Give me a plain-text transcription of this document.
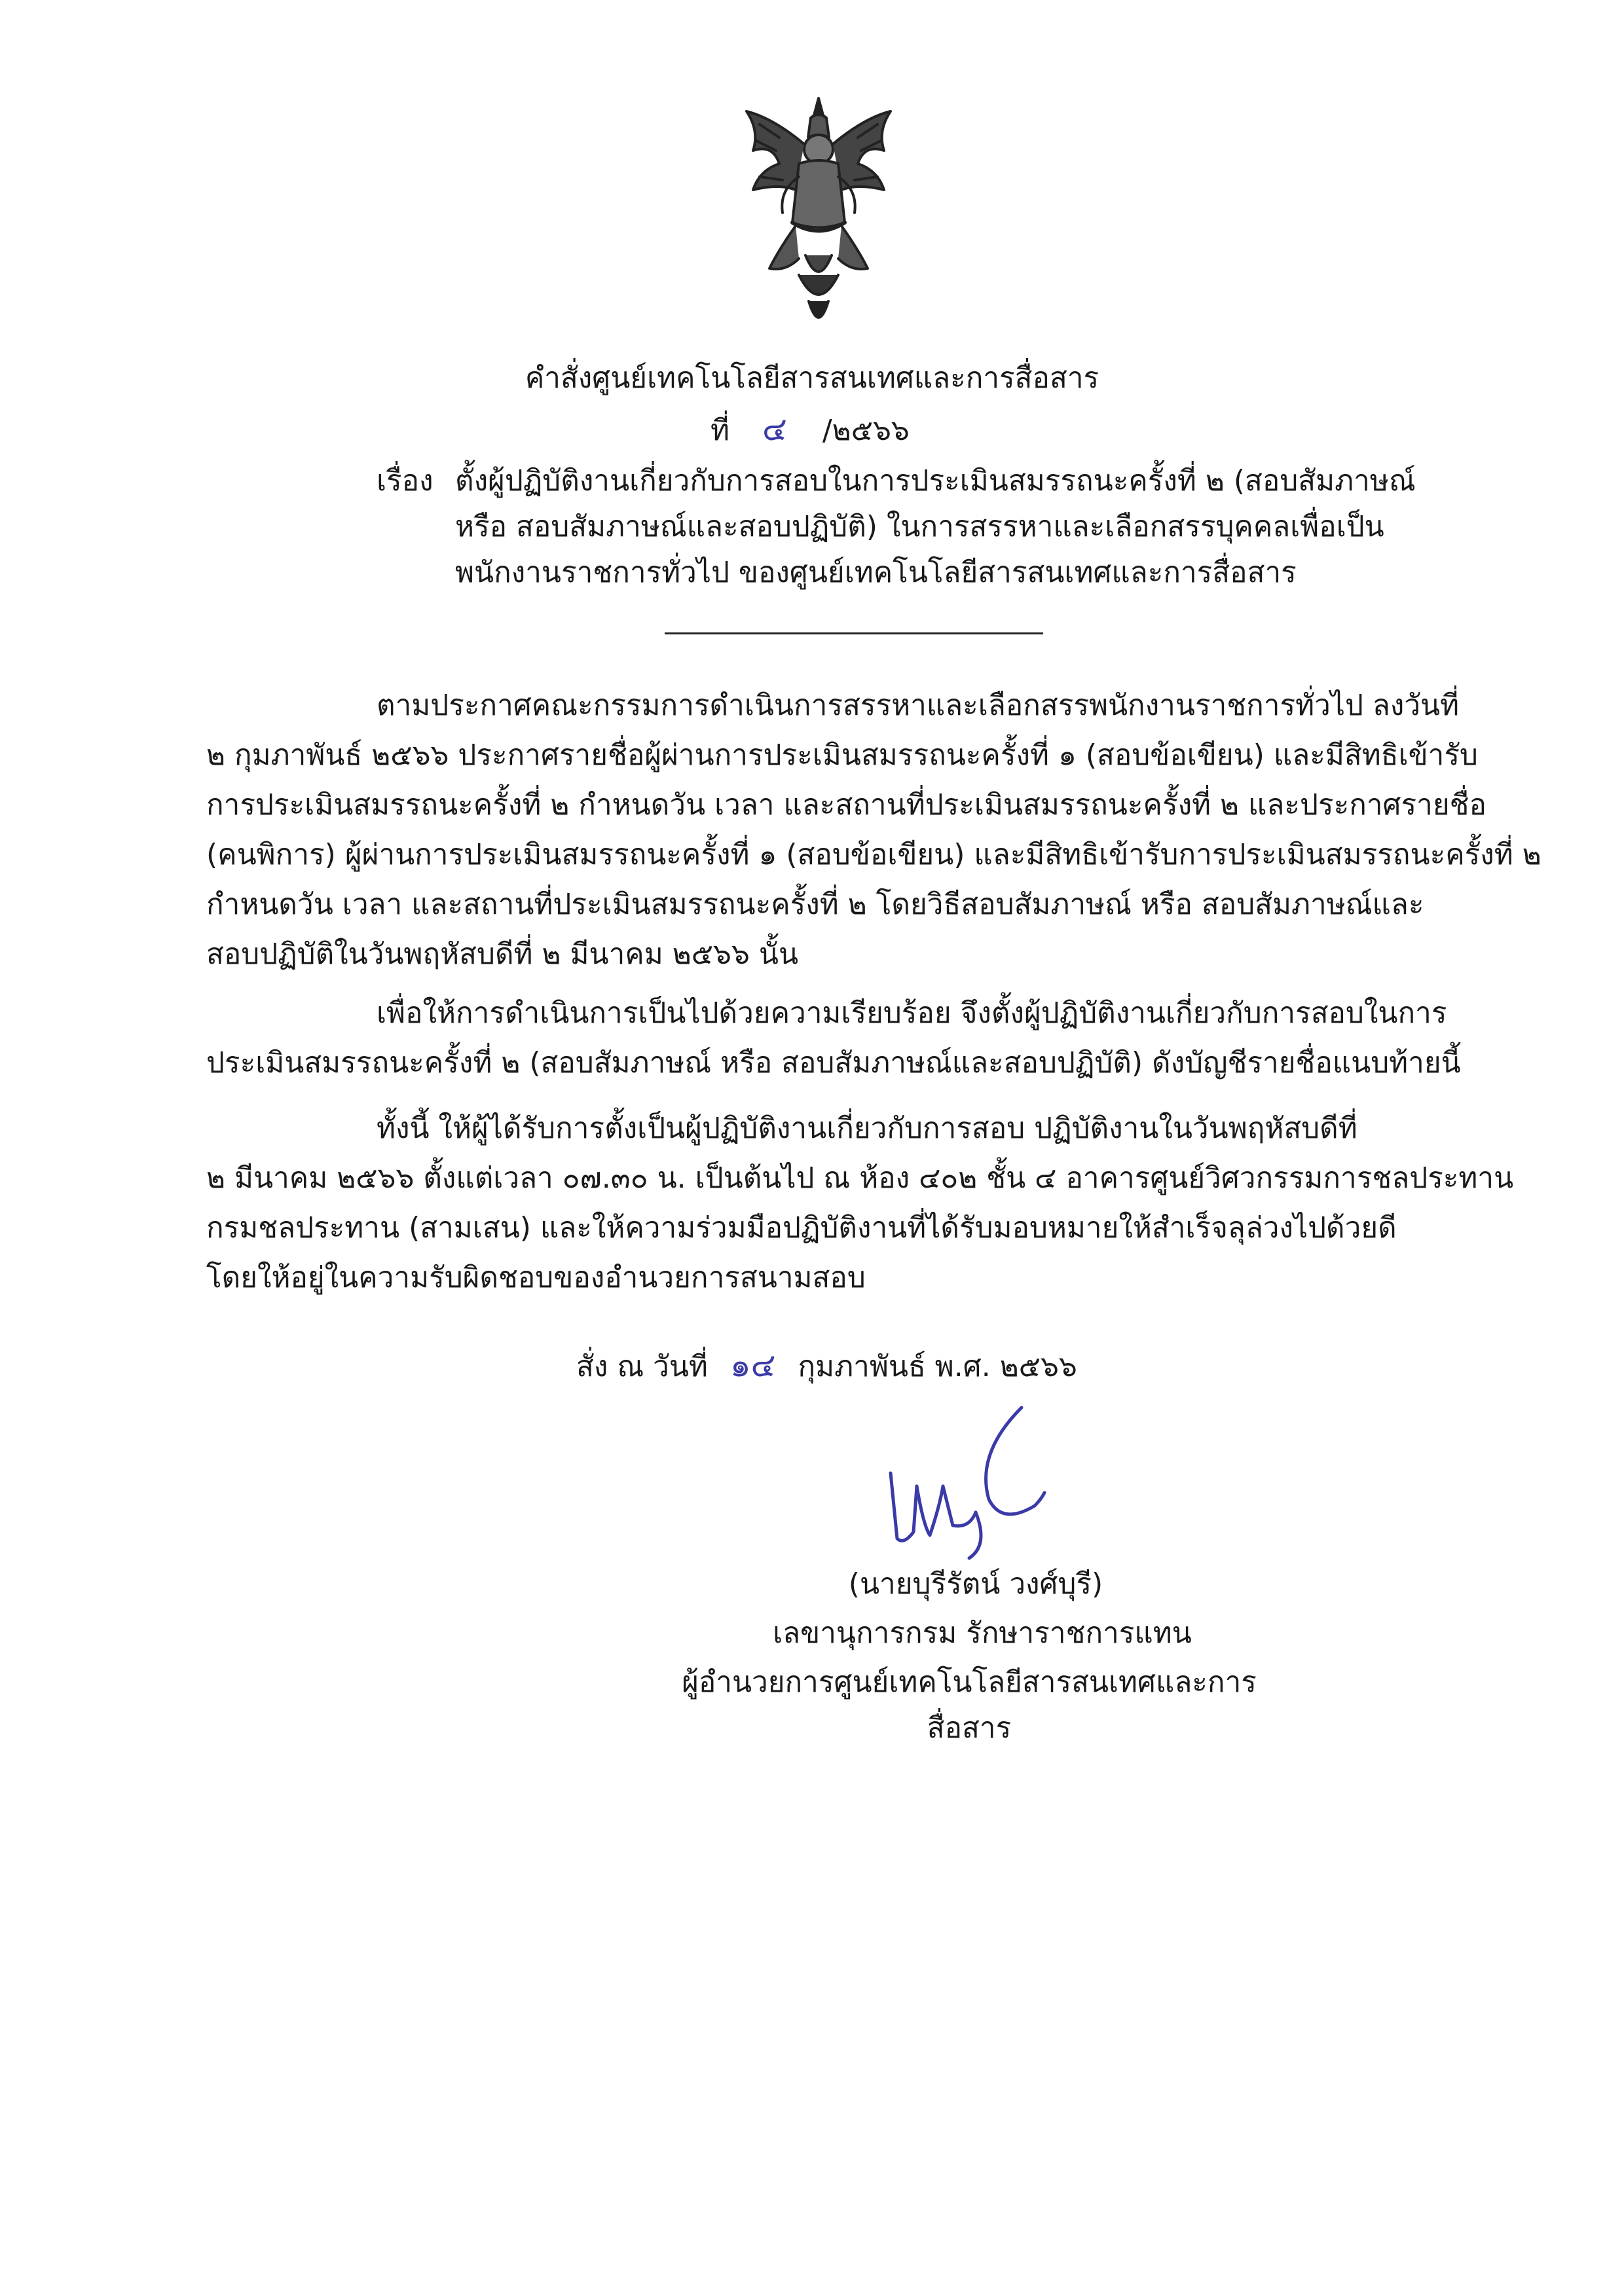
คำสั่งศูนย์เทคโนโลยีสารสนเทศและการสื่อสาร
ที่ ๔ /๒๕๖๖
เรื่อง ตั้งผู้ปฏิบัติงานเกี่ยวกับการสอบในการประเมินสมรรถนะครั้งที่ ๒ (สอบสัมภาษณ์
หรือ สอบสัมภาษณ์และสอบปฏิบัติ) ในการสรรหาและเลือกสรรบุคคลเพื่อเป็น
พนักงานราชการทั่วไป ของศูนย์เทคโนโลยีสารสนเทศและการสื่อสาร
ตามประกาศคณะกรรมการดำเนินการสรรหาและเลือกสรรพนักงานราชการทั่วไป ลงวันที่
๒ กุมภาพันธ์ ๒๕๖๖ ประกาศรายชื่อผู้ผ่านการประเมินสมรรถนะครั้งที่ ๑ (สอบข้อเขียน) และมีสิทธิเข้ารับ
การประเมินสมรรถนะครั้งที่ ๒ กำหนดวัน เวลา และสถานที่ประเมินสมรรถนะครั้งที่ ๒ และประกาศรายชื่อ
(คนพิการ) ผู้ผ่านการประเมินสมรรถนะครั้งที่ ๑ (สอบข้อเขียน) และมีสิทธิเข้ารับการประเมินสมรรถนะครั้งที่ ๒
กำหนดวัน เวลา และสถานที่ประเมินสมรรถนะครั้งที่ ๒ โดยวิธีสอบสัมภาษณ์ หรือ สอบสัมภาษณ์และ
สอบปฏิบัติในวันพฤหัสบดีที่ ๒ มีนาคม ๒๕๖๖ นั้น
เพื่อให้การดำเนินการเป็นไปด้วยความเรียบร้อย จึงตั้งผู้ปฏิบัติงานเกี่ยวกับการสอบในการ
ประเมินสมรรถนะครั้งที่ ๒ (สอบสัมภาษณ์ หรือ สอบสัมภาษณ์และสอบปฏิบัติ) ดังบัญชีรายชื่อแนบท้ายนี้
ทั้งนี้ ให้ผู้ได้รับการตั้งเป็นผู้ปฏิบัติงานเกี่ยวกับการสอบ ปฏิบัติงานในวันพฤหัสบดีที่
๒ มีนาคม ๒๕๖๖ ตั้งแต่เวลา ๐๗.๓๐ น. เป็นต้นไป ณ ห้อง ๔๐๒ ชั้น ๔ อาคารศูนย์วิศวกรรมการชลประทาน
กรมชลประทาน (สามเสน) และให้ความร่วมมือปฏิบัติงานที่ได้รับมอบหมายให้สำเร็จลุล่วงไปด้วยดี
โดยให้อยู่ในความรับผิดชอบของอำนวยการสนามสอบ
สั่ง ณ วันที่ ๑๔ กุมภาพันธ์ พ.ศ. ๒๕๖๖
(นายบุรีรัตน์ วงศ์บุรี)
เลขานุการกรม รักษาราชการแทน
ผู้อำนวยการศูนย์เทคโนโลยีสารสนเทศและการสื่อสาร
